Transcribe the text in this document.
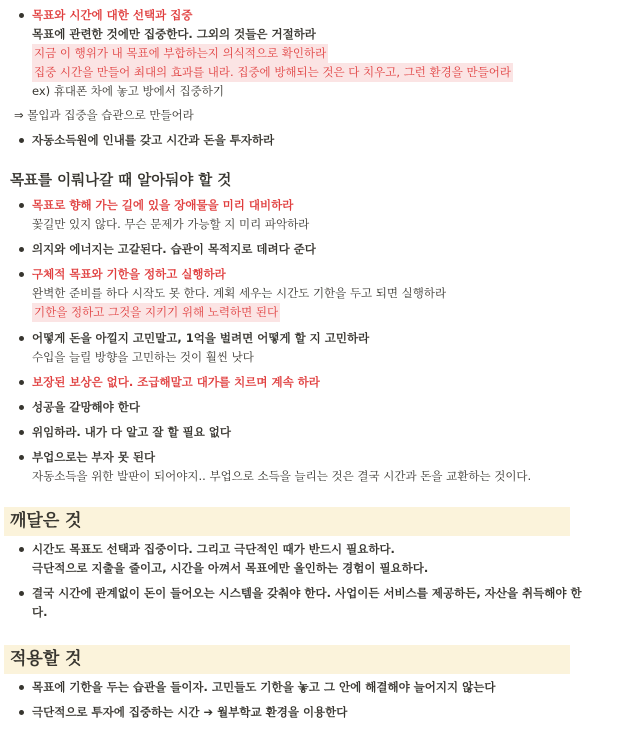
목표와 시간에 대한 선택과 집중
목표에 관련한 것에만 집중한다. 그외의 것들은 거절하라
지금 이 행위가 내 목표에 부합하는지 의식적으로 확인하라
집중 시간을 만들어 최대의 효과를 내라. 집중에 방해되는 것은 다 치우고, 그런 환경을 만들어라
ex) 휴대폰 차에 놓고 방에서 집중하기
⇒ 몰입과 집중을 습관으로 만들어라
자동소득원에 인내를 갖고 시간과 돈을 투자하라
목표를 이뤄나갈 때 알아둬야 할 것
목표로 향해 가는 길에 있을 장애물을 미리 대비하라
꽃길만 있지 않다. 무슨 문제가 가능할 지 미리 파악하라
의지와 에너지는 고갈된다. 습관이 목적지로 데려다 준다
구체적 목표와 기한을 정하고 실행하라
완벽한 준비를 하다 시작도 못 한다. 계획 세우는 시간도 기한을 두고 되면 실행하라
기한을 정하고 그것을 지키기 위해 노력하면 된다
어떻게 돈을 아낄지 고민말고, 1억을 벌려면 어떻게 할 지 고민하라
수입을 늘릴 방향을 고민하는 것이 훨씬 낫다
보장된 보상은 없다. 조급해말고 대가를 치르며 계속 하라
성공을 갈망해야 한다
위임하라. 내가 다 알고 잘 할 필요 없다
부업으로는 부자 못 된다
자동소득을 위한 발판이 되어야지.. 부업으로 소득을 늘리는 것은 결국 시간과 돈을 교환하는 것이다.
깨달은 것
시간도 목표도 선택과 집중이다. 그리고 극단적인 때가 반드시 필요하다.
극단적으로 지출을 줄이고, 시간을 아껴서 목표에만 올인하는 경험이 필요하다.
결국 시간에 관계없이 돈이 들어오는 시스템을 갖춰야 한다. 사업이든 서비스를 제공하든, 자산을 취득해야 한다.
적용할 것
목표에 기한을 두는 습관을 들이자. 고민들도 기한을 놓고 그 안에 해결해야 늘어지지 않는다
극단적으로 투자에 집중하는 시간 ➔ 월부학교 환경을 이용한다
